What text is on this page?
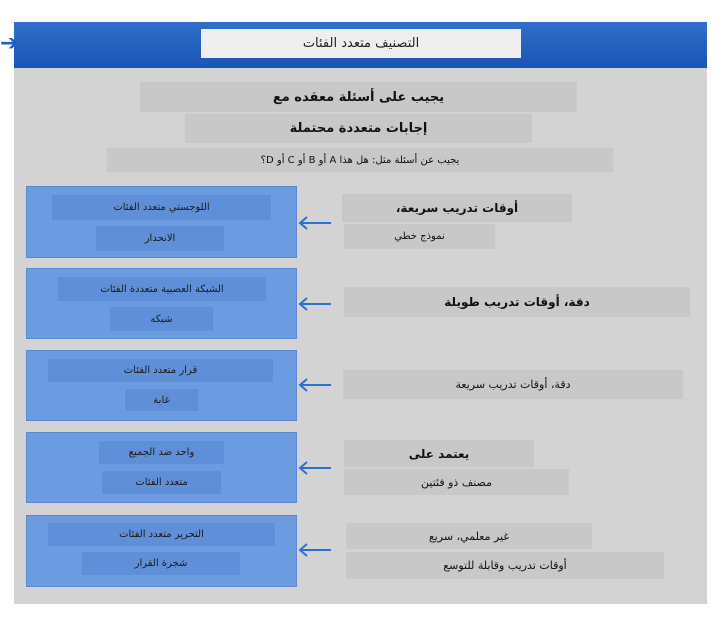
➔	التصنيف متعدد الفئات
يجيب على أسئلة معقده مع
إجابات متعددة محتملة
يجيب عن أسئلة مثل: هل هذا A أو B أو C أو D؟
اللوجستي متعدد الفئات
الانحدار
أوقات تدريب سريعة،
نموذج خطي
الشبكة العصبية متعددة الفئات
شبكه
دقة، أوقات تدريب طويلة
قرار متعدد الفئات
غابة
دقة، أوقات تدريب سريعة
واحد ضد الجميع
متعدد الفئات
يعتمد على
مصنف ذو فئتين
التحرير متعدد الفئات
شجرة القرار
غير معلمي، سريع
أوقات تدريب وقابلة للتوسع
